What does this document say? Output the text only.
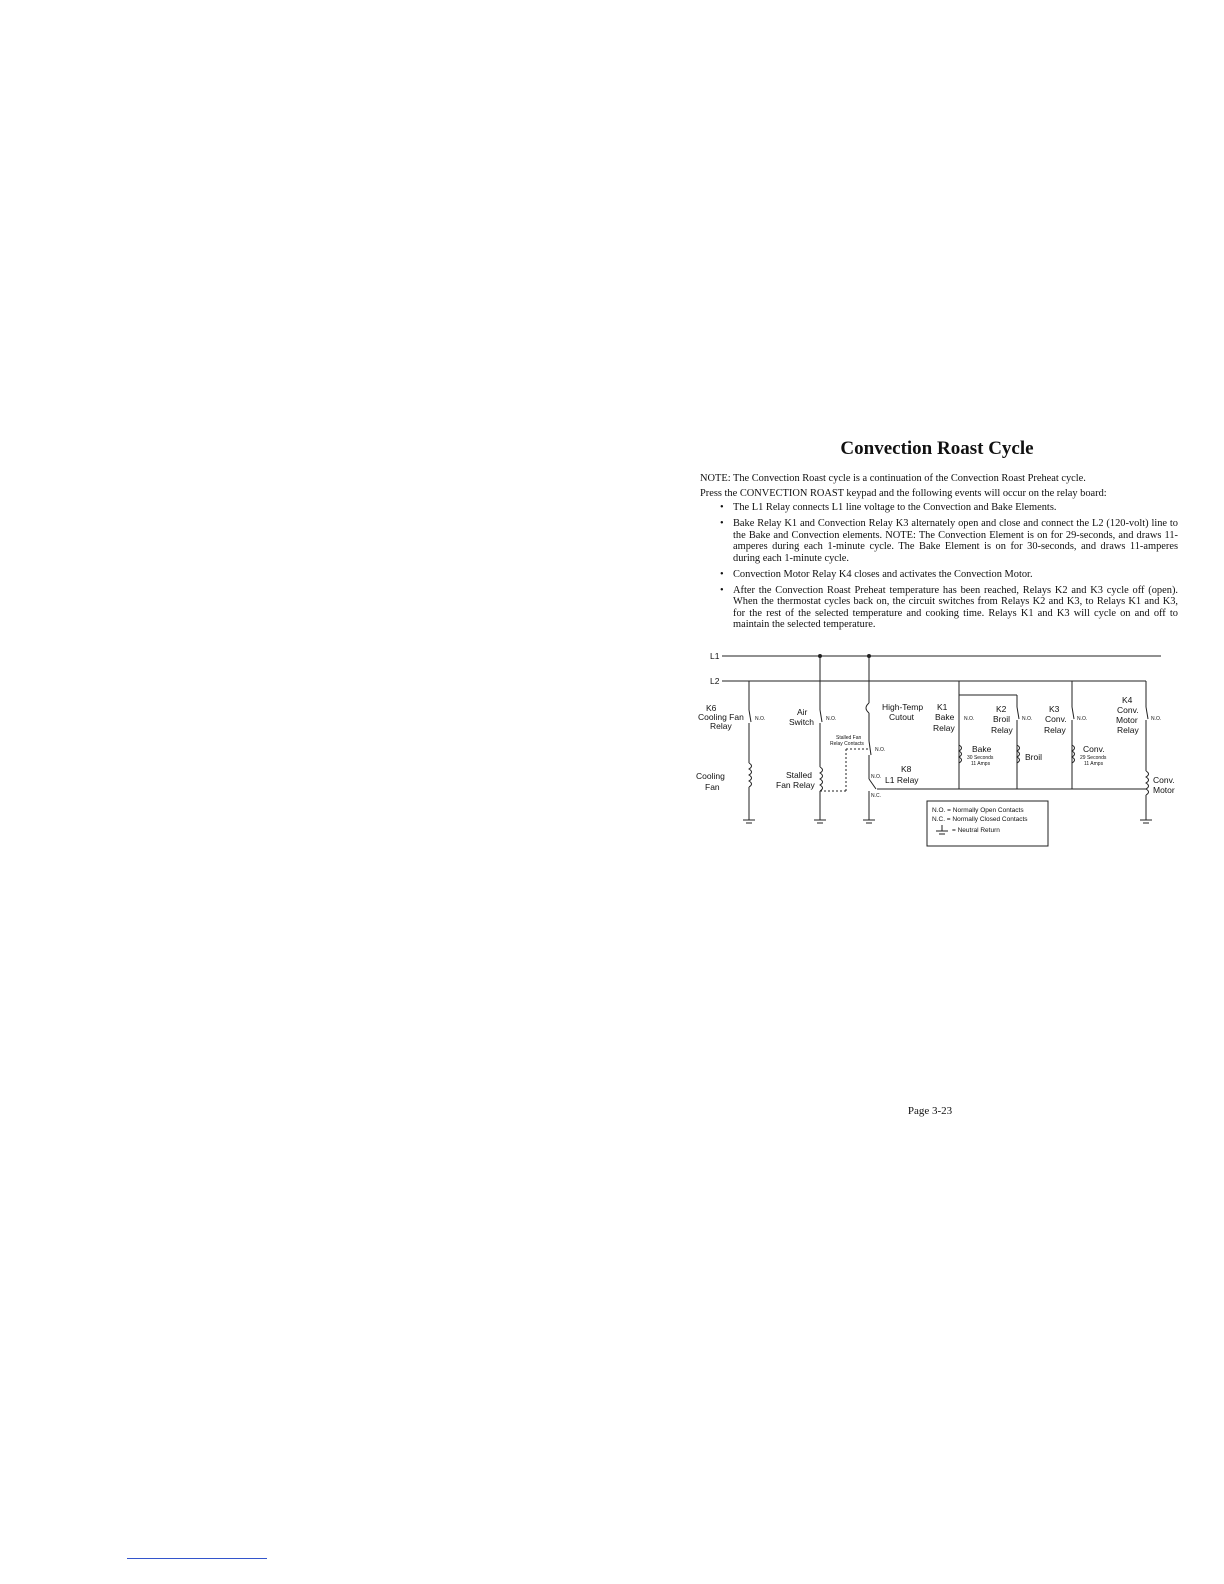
Convection Roast Cycle

NOTE: The Convection Roast cycle is a continuation of the Convection Roast Preheat cycle.

Press the CONVECTION ROAST keypad and the following events will occur on the relay board:

• The L1 Relay connects L1 line voltage to the Convection and Bake Elements.
• Bake Relay K1 and Convection Relay K3 alternately open and close and connect the L2 (120-volt) line to the Bake and Convection elements. NOTE: The Convection Element is on for 29-seconds, and draws 11-amperes during each 1-minute cycle. The Bake Element is on for 30-seconds, and draws 11-amperes during each 1-minute cycle.
• Convection Motor Relay K4 closes and activates the Convection Motor.
• After the Convection Roast Preheat temperature has been reached, Relays K2 and K3 cycle off (open). When the thermostat cycles back on, the circuit switches from Relays K2 and K3, to Relays K1 and K3, for the rest of the selected temperature and cooking time. Relays K1 and K3 will cycle on and off to maintain the selected temperature.
L1
L2
K6
Cooling Fan
Relay
Air
Switch
High-Temp
Cutout
K1
Bake
Relay
K2
Broil
Relay
K3
Conv.
Relay
K4
Conv.
Motor
Relay
Cooling
Fan
Stalled
Fan Relay
K8
L1 Relay
Bake
Broil
Conv.
Conv.
Motor
N.O.	N.O.	N.O.	N.O.	N.O.	N.O.
N.O.
N.O.
N.C.
Stalled Fan
Relay Contacts
30 Seconds
11 Amps
29 Seconds
11 Amps
N.O. = Normally Open Contacts
N.C. = Normally Closed Contacts
= Neutral Return

Page 3-23
